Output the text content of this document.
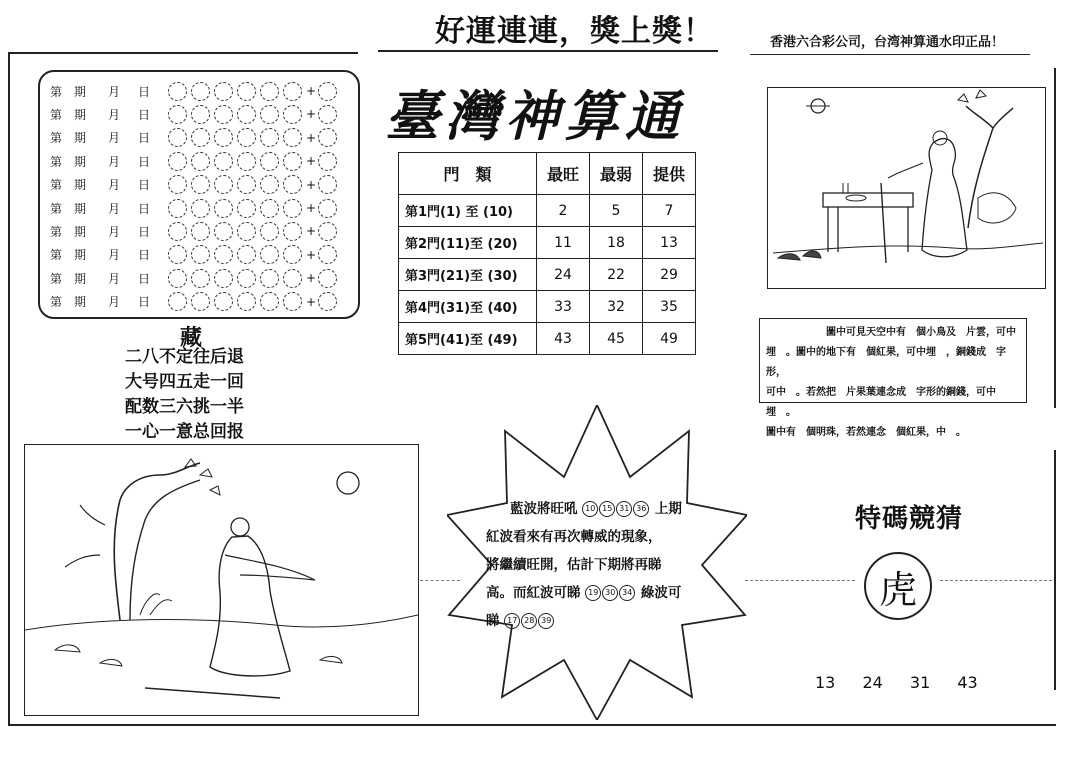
好運連連，獎上獎！	香港六合彩公司，台湾神算通水印正品！
臺灣神算通
第 期	月	日	+
第 期	月	日	+
第 期	月	日	+
第 期	月	日	+
第 期	月	日	+
第 期	月	日	+
第 期	月	日	+
第 期	月	日	+
第 期	月	日	+
第 期	月	日	+
藏
二八不定往后退
大号四五走一回
配数三六挑一半
一心一意总回报
門　類	最旺	最弱	提供
第1門(1) 至 (10)	2	5	7
第2門(11)至 (20)	11	18	13
第3門(21)至 (30)	24	22	29
第4門(31)至 (40)	33	32	35
第5門(41)至 (49)	43	45	49	圖中可見天空中有　個小鳥及　片雲，可中
埋　。圖中的地下有　個紅果，可中埋　，銅錢成　字形，
可中　。若然把　片果葉連念成　字形的銅錢，可中埋　。
圖中有　個明珠，若然連念　個紅果，中　。
藍波將旺吼 10 15 31 36 上期
紅波看來有再次轉威的現象，
將繼續旺開，估計下期將再睇
高。而紅波可睇 19 30 34 綠波可
睇 17 28 39
特碼競猜
虎
13 24 31 43
